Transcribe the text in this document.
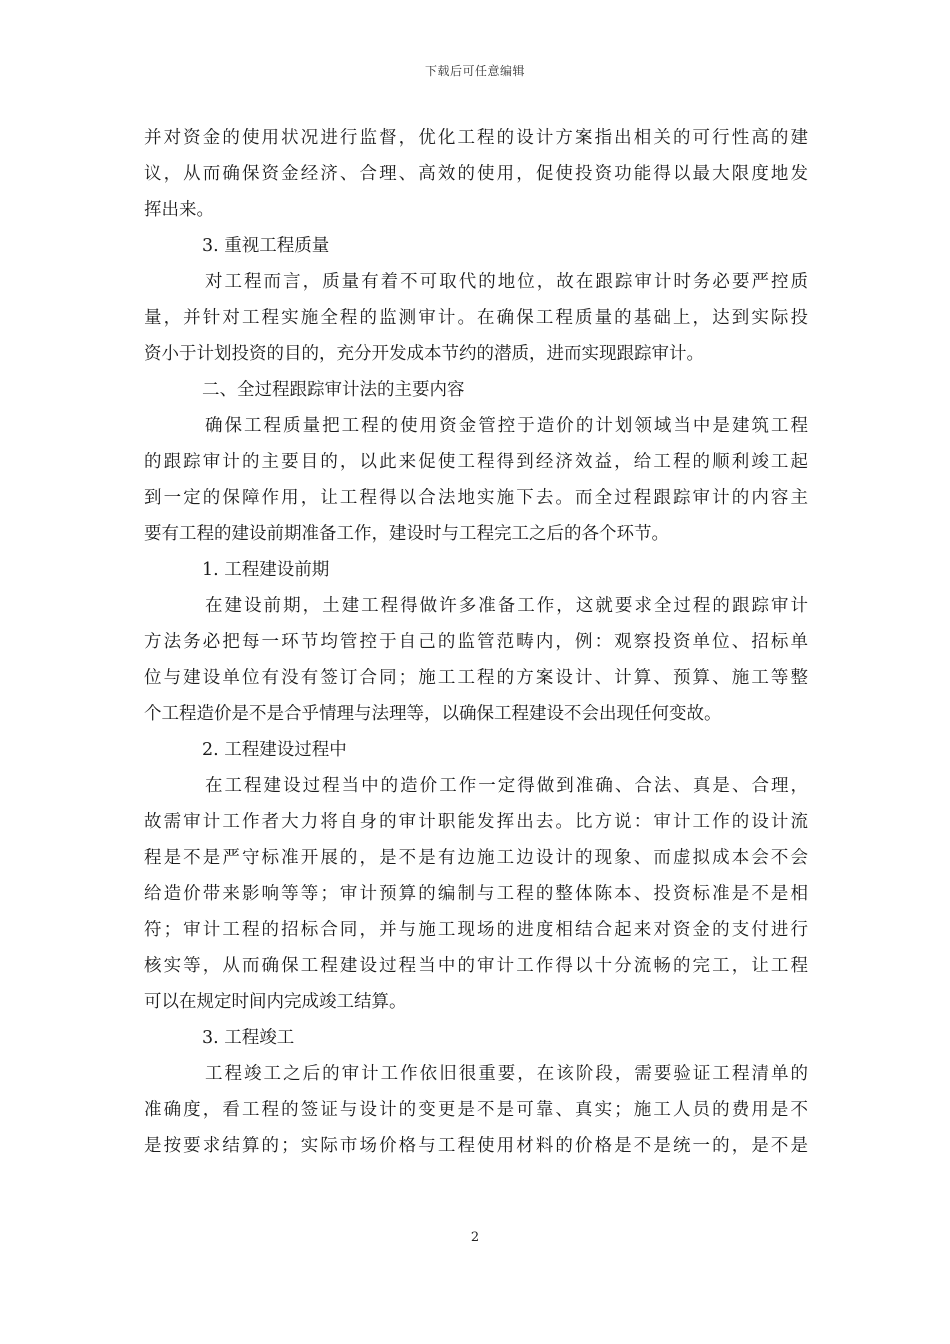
下载后可任意编辑
并对资金的使用状况进行监督，优化工程的设计方案指出相关的可行性高的建
议，从而确保资金经济、合理、高效的使用，促使投资功能得以最大限度地发
挥出来。
3. 重视工程质量
对工程而言，质量有着不可取代的地位，故在跟踪审计时务必要严控质
量，并针对工程实施全程的监测审计。在确保工程质量的基础上，达到实际投
资小于计划投资的目的，充分开发成本节约的潜质，进而实现跟踪审计。
二、全过程跟踪审计法的主要内容
确保工程质量把工程的使用资金管控于造价的计划领域当中是建筑工程
的跟踪审计的主要目的，以此来促使工程得到经济效益，给工程的顺利竣工起
到一定的保障作用，让工程得以合法地实施下去。而全过程跟踪审计的内容主
要有工程的建设前期准备工作，建设时与工程完工之后的各个环节。
1. 工程建设前期
在建设前期，土建工程得做许多准备工作，这就要求全过程的跟踪审计
方法务必把每一环节均管控于自己的监管范畴内，例：观察投资单位、招标单
位与建设单位有没有签订合同；施工工程的方案设计、计算、预算、施工等整
个工程造价是不是合乎情理与法理等，以确保工程建设不会出现任何变故。
2. 工程建设过程中
在工程建设过程当中的造价工作一定得做到准确、合法、真是、合理，
故需审计工作者大力将自身的审计职能发挥出去。比方说：审计工作的设计流
程是不是严守标准开展的，是不是有边施工边设计的现象、而虚拟成本会不会
给造价带来影响等等；审计预算的编制与工程的整体陈本、投资标准是不是相
符；审计工程的招标合同，并与施工现场的进度相结合起来对资金的支付进行
核实等，从而确保工程建设过程当中的审计工作得以十分流畅的完工，让工程
可以在规定时间内完成竣工结算。
3. 工程竣工
工程竣工之后的审计工作依旧很重要，在该阶段，需要验证工程清单的
准确度，看工程的签证与设计的变更是不是可靠、真实；施工人员的费用是不
是按要求结算的；实际市场价格与工程使用材料的价格是不是统一的，是不是
2
